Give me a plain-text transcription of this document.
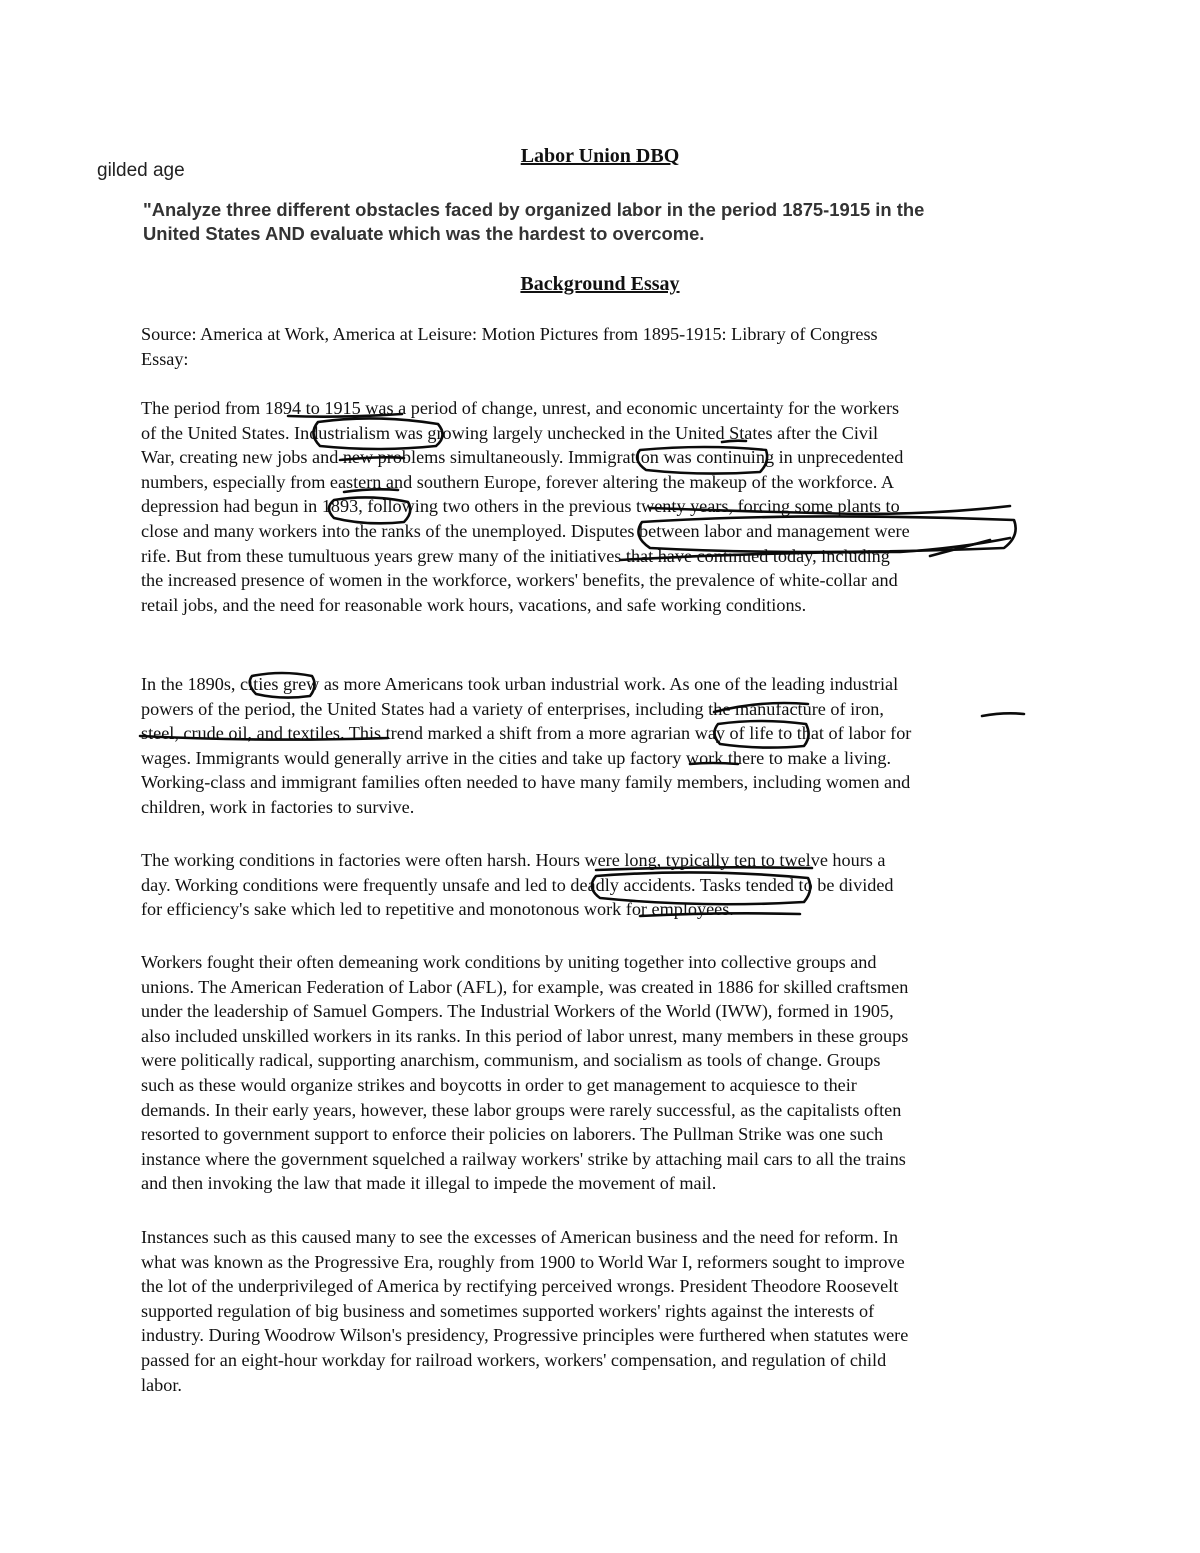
gilded age
Labor Union DBQ
"Analyze three different obstacles faced by organized labor in the period 1875-1915 in the
United States AND evaluate which was the hardest to overcome.
Background Essay

Source: America at Work, America at Leisure: Motion Pictures from 1895-1915: Library of Congress
Essay:

The period from 1894 to 1915 was a period of change, unrest, and economic uncertainty for the workers
of the United States. Industrialism was growing largely unchecked in the United States after the Civil
War, creating new jobs and new problems simultaneously. Immigration was continuing in unprecedented
numbers, especially from eastern and southern Europe, forever altering the makeup of the workforce. A
depression had begun in 1893, following two others in the previous twenty years, forcing some plants to
close and many workers into the ranks of the unemployed. Disputes between labor and management were
rife. But from these tumultuous years grew many of the initiatives that have continued today, including
the increased presence of women in the workforce, workers' benefits, the prevalence of white-collar and
retail jobs, and the need for reasonable work hours, vacations, and safe working conditions.

In the 1890s, cities grew as more Americans took urban industrial work. As one of the leading industrial
powers of the period, the United States had a variety of enterprises, including the manufacture of iron,
steel, crude oil, and textiles. This trend marked a shift from a more agrarian way of life to that of labor for
wages. Immigrants would generally arrive in the cities and take up factory work there to make a living.
Working-class and immigrant families often needed to have many family members, including women and
children, work in factories to survive.

The working conditions in factories were often harsh. Hours were long, typically ten to twelve hours a
day. Working conditions were frequently unsafe and led to deadly accidents. Tasks tended to be divided
for efficiency's sake which led to repetitive and monotonous work for employees.

Workers fought their often demeaning work conditions by uniting together into collective groups and
unions. The American Federation of Labor (AFL), for example, was created in 1886 for skilled craftsmen
under the leadership of Samuel Gompers. The Industrial Workers of the World (IWW), formed in 1905,
also included unskilled workers in its ranks. In this period of labor unrest, many members in these groups
were politically radical, supporting anarchism, communism, and socialism as tools of change. Groups
such as these would organize strikes and boycotts in order to get management to acquiesce to their
demands. In their early years, however, these labor groups were rarely successful, as the capitalists often
resorted to government support to enforce their policies on laborers. The Pullman Strike was one such
instance where the government squelched a railway workers' strike by attaching mail cars to all the trains
and then invoking the law that made it illegal to impede the movement of mail.

Instances such as this caused many to see the excesses of American business and the need for reform. In
what was known as the Progressive Era, roughly from 1900 to World War I, reformers sought to improve
the lot of the underprivileged of America by rectifying perceived wrongs. President Theodore Roosevelt
supported regulation of big business and sometimes supported workers' rights against the interests of
industry. During Woodrow Wilson's presidency, Progressive principles were furthered when statutes were
passed for an eight-hour workday for railroad workers, workers' compensation, and regulation of child
labor.
